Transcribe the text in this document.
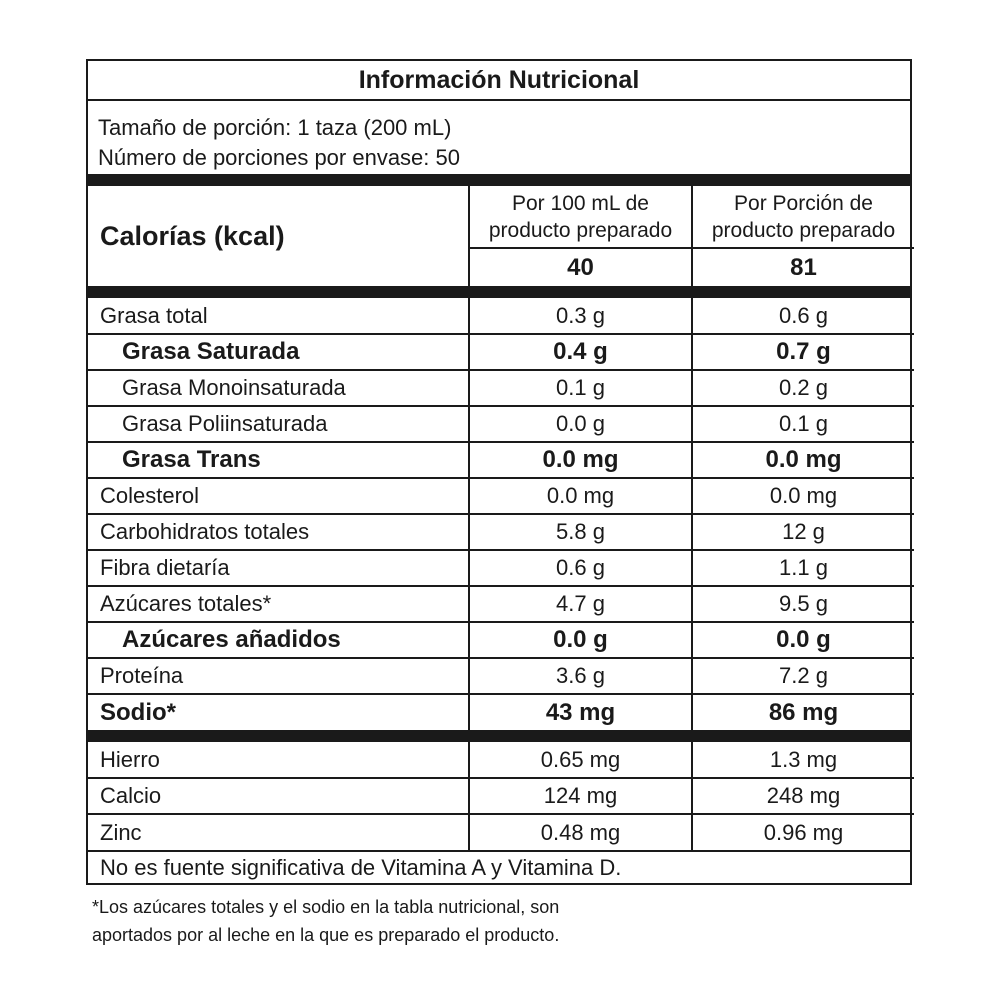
Información Nutricional
Tamaño de porción: 1 taza (200 mL)
Número de porciones por envase: 50
Calorías (kcal)	Por 100 mL de producto preparado	Por Porción de producto preparado
	40	81
Grasa total	0.3 g	0.6 g
Grasa Saturada	0.4 g	0.7 g
Grasa Monoinsaturada	0.1 g	0.2 g
Grasa Poliinsaturada	0.0 g	0.1 g
Grasa Trans	0.0 mg	0.0 mg
Colesterol	0.0 mg	0.0 mg
Carbohidratos totales	5.8 g	12 g
Fibra dietaría	0.6 g	1.1 g
Azúcares totales*	4.7 g	9.5 g
Azúcares añadidos	0.0 g	0.0 g
Proteína	3.6 g	7.2 g
Sodio*	43 mg	86 mg
Hierro	0.65 mg	1.3 mg
Calcio	124 mg	248 mg
Zinc	0.48 mg	0.96 mg
No es fuente significativa de Vitamina A y Vitamina D.
*Los azúcares totales y el sodio en la tabla nutricional, son
aportados por al leche en la que es preparado el producto.
